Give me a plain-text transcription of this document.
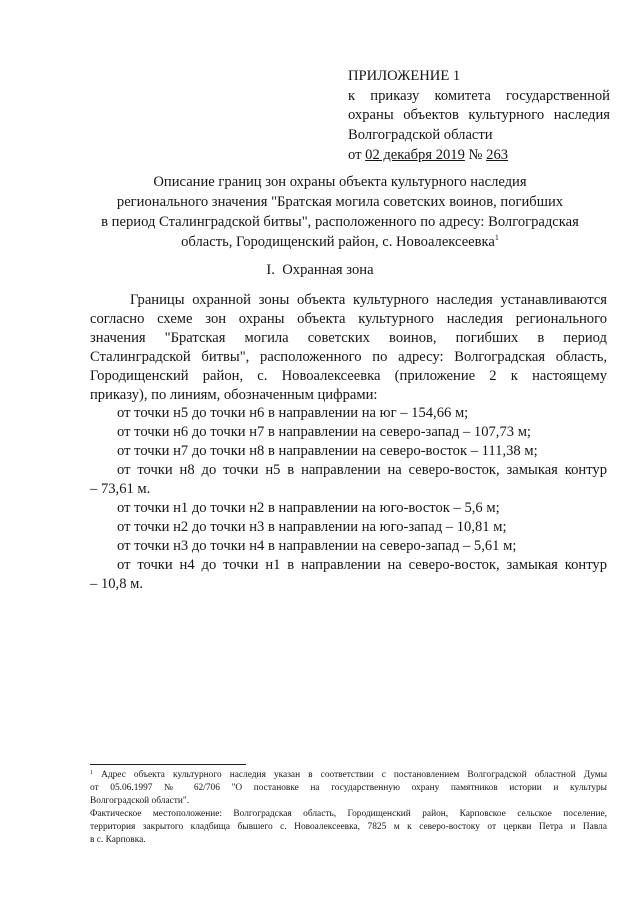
ПРИЛОЖЕНИЕ 1
к приказу комитета государственной
охраны объектов культурного наследия
Волгоградской области
от 02 декабря 2019 № 263
Описание границ зон охраны объекта культурного наследия
регионального значения "Братская могила советских воинов, погибших
в период Сталинградской битвы", расположенного по адресу: Волгоградская
область, Городищенский район, с. Новоалексеевка$^1$
I.  Охранная зона
Границы охранной зоны объекта культурного наследия устанавливаются
согласно схеме зон охраны объекта культурного наследия регионального
значения "Братская могила советских воинов, погибших в период
Сталинградской битвы", расположенного по адресу: Волгоградская область,
Городищенский район, с. Новоалексеевка (приложение 2 к настоящему
приказу), по линиям, обозначенным цифрами:
от точки н5 до точки н6 в направлении на юг – 154,66 м;
от точки н6 до точки н7 в направлении на северо-запад – 107,73 м;
от точки н7 до точки н8 в направлении на северо-восток – 111,38 м;
от точки н8 до точки н5 в направлении на северо-восток, замыкая контур
– 73,61 м.
от точки н1 до точки н2 в направлении на юго-восток – 5,6 м;
от точки н2 до точки н3 в направлении на юго-запад – 10,81 м;
от точки н3 до точки н4 в направлении на северо-запад – 5,61 м;
от точки н4 до точки н1 в направлении на северо-восток, замыкая контур
– 10,8 м.
$^1$ Адрес объекта культурного наследия указан в соответствии с постановлением Волгоградской областной Думы
от 05.06.1997 № 62/706 "О постановке на государственную охрану памятников истории и культуры
Волгоградской области".
Фактическое местоположение: Волгоградская область, Городищенский район, Карповское сельское поселение,
территория закрытого кладбища бывшего с. Новоалексеевка, 7825 м к северо-востоку от церкви Петра и Павла
в с. Карповка.
